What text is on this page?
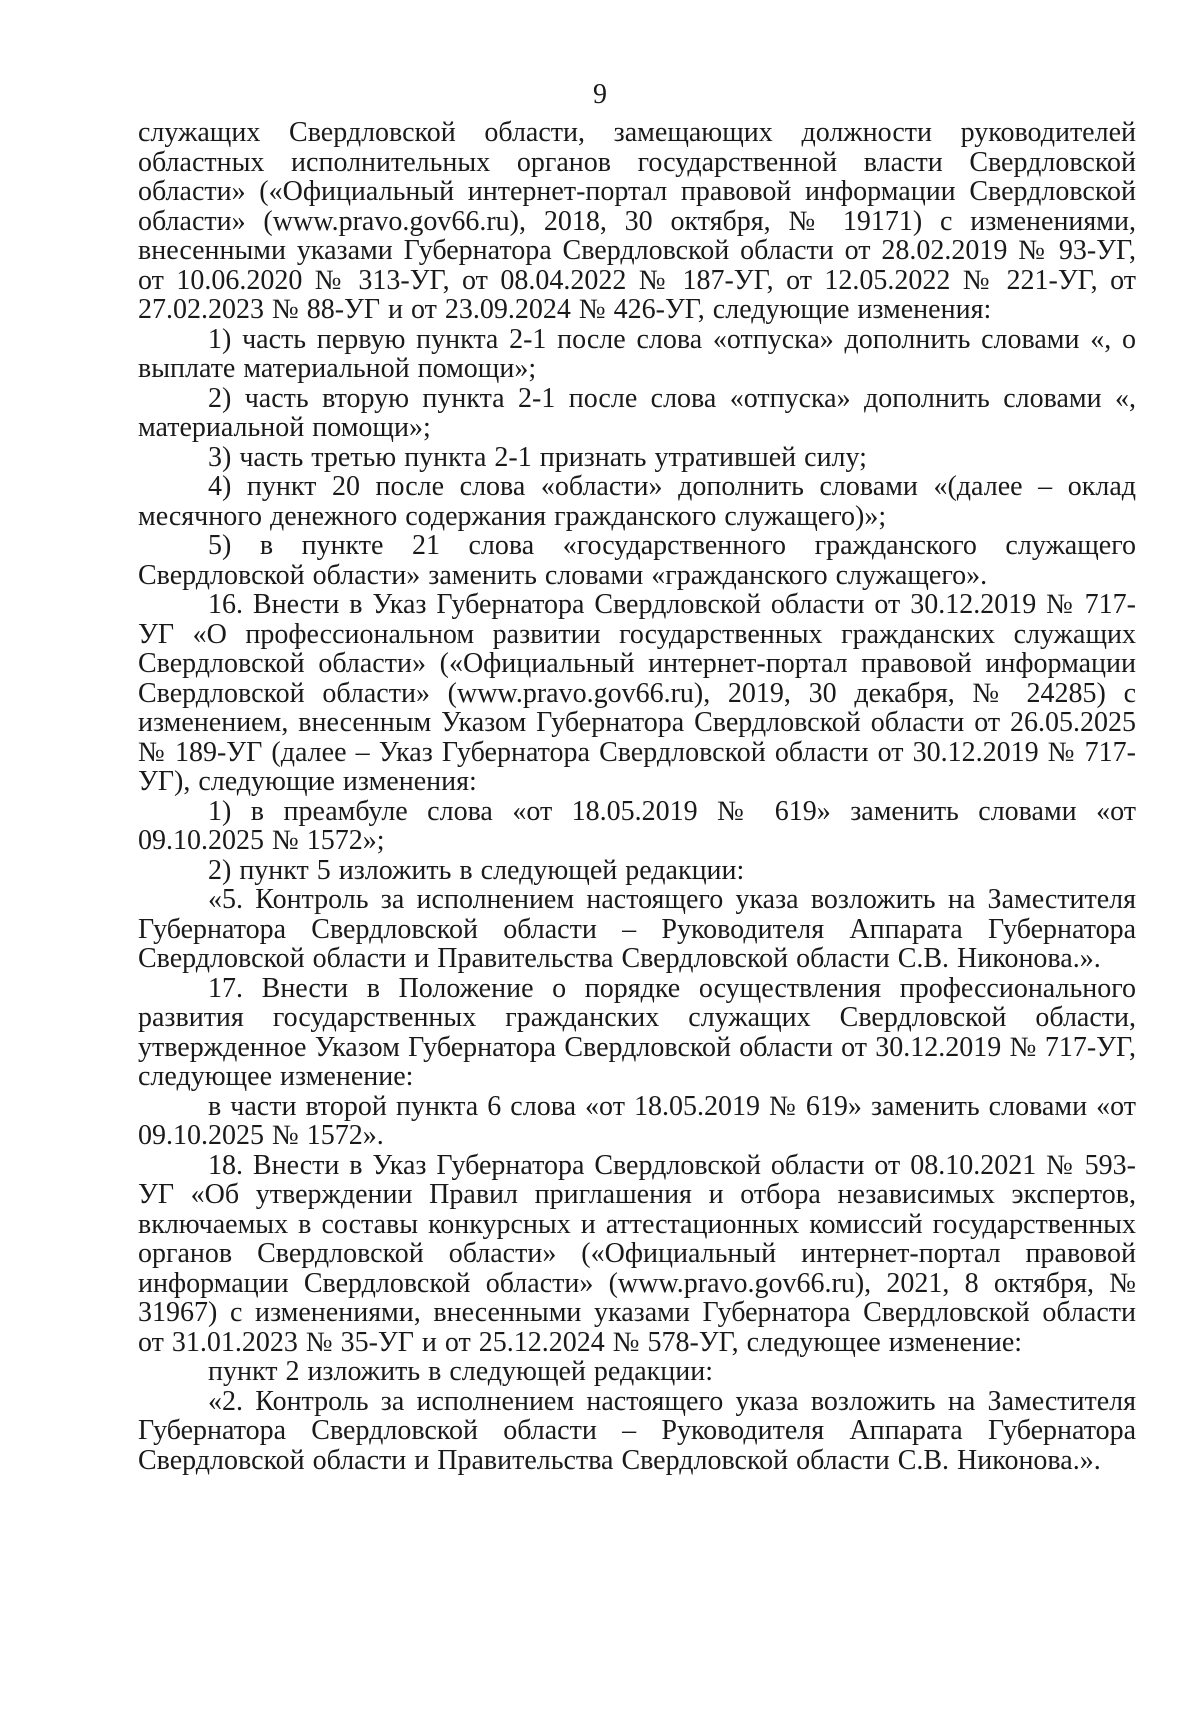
9

служащих Свердловской области, замещающих должности руководителей областных исполнительных органов государственной власти Свердловской области» («Официальный интернет-портал правовой информации Свердловской области» (www.pravo.gov66.ru), 2018, 30 октября, № 19171) с изменениями, внесенными указами Губернатора Свердловской области от 28.02.2019 № 93-УГ, от 10.06.2020 № 313-УГ, от 08.04.2022 № 187-УГ, от 12.05.2022 № 221-УГ, от 27.02.2023 № 88-УГ и от 23.09.2024 № 426-УГ, следующие изменения:

1) часть первую пункта 2-1 после слова «отпуска» дополнить словами «, о выплате материальной помощи»;

2) часть вторую пункта 2-1 после слова «отпуска» дополнить словами «, материальной помощи»;

3) часть третью пункта 2-1 признать утратившей силу;

4) пункт 20 после слова «области» дополнить словами «(далее – оклад месячного денежного содержания гражданского служащего)»;

5) в пункте 21 слова «государственного гражданского служащего Свердловской области» заменить словами «гражданского служащего».

16. Внести в Указ Губернатора Свердловской области от 30.12.2019 № 717-УГ «О профессиональном развитии государственных гражданских служащих Свердловской области» («Официальный интернет-портал правовой информации Свердловской области» (www.pravo.gov66.ru), 2019, 30 декабря, № 24285) с изменением, внесенным Указом Губернатора Свердловской области от 26.05.2025 № 189-УГ (далее – Указ Губернатора Свердловской области от 30.12.2019 № 717-УГ), следующие изменения:

1) в преамбуле слова «от 18.05.2019 № 619» заменить словами «от 09.10.2025 № 1572»;

2) пункт 5 изложить в следующей редакции:

«5. Контроль за исполнением настоящего указа возложить на Заместителя Губернатора Свердловской области – Руководителя Аппарата Губернатора Свердловской области и Правительства Свердловской области С.В. Никонова.».

17. Внести в Положение о порядке осуществления профессионального развития государственных гражданских служащих Свердловской области, утвержденное Указом Губернатора Свердловской области от 30.12.2019 № 717-УГ, следующее изменение:

в части второй пункта 6 слова «от 18.05.2019 № 619» заменить словами «от 09.10.2025 № 1572».

18. Внести в Указ Губернатора Свердловской области от 08.10.2021 № 593-УГ «Об утверждении Правил приглашения и отбора независимых экспертов, включаемых в составы конкурсных и аттестационных комиссий государственных органов Свердловской области» («Официальный интернет-портал правовой информации Свердловской области» (www.pravo.gov66.ru), 2021, 8 октября, № 31967) с изменениями, внесенными указами Губернатора Свердловской области от 31.01.2023 № 35-УГ и от 25.12.2024 № 578-УГ, следующее изменение:

пункт 2 изложить в следующей редакции:

«2. Контроль за исполнением настоящего указа возложить на Заместителя Губернатора Свердловской области – Руководителя Аппарата Губернатора Свердловской области и Правительства Свердловской области С.В. Никонова.».
